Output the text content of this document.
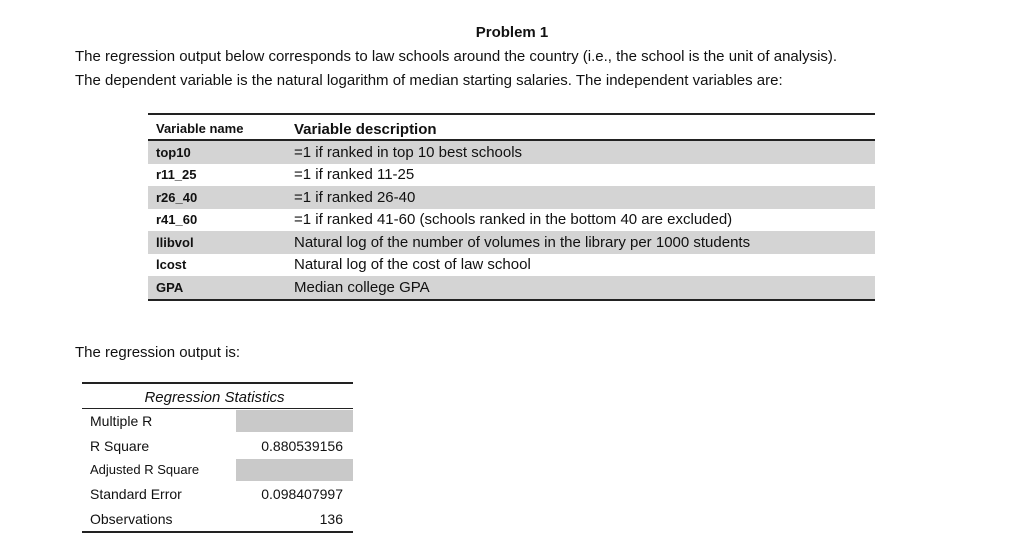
Problem 1
The regression output below corresponds to law schools around the country (i.e., the school is the unit of analysis).
The dependent variable is the natural logarithm of median starting salaries. The independent variables are:
Variable name	Variable description
top10	=1 if ranked in top 10 best schools
r11_25	=1 if ranked 11-25
r26_40	=1 if ranked 26-40
r41_60	=1 if ranked 41-60 (schools ranked in the bottom 40 are excluded)
llibvol	Natural log of the number of volumes in the library per 1000 students
lcost	Natural log of the cost of law school
GPA	Median college GPA
The regression output is:
Regression Statistics
Multiple R
R Square	0.880539156
Adjusted R Square
Standard Error	0.098407997
Observations	136
